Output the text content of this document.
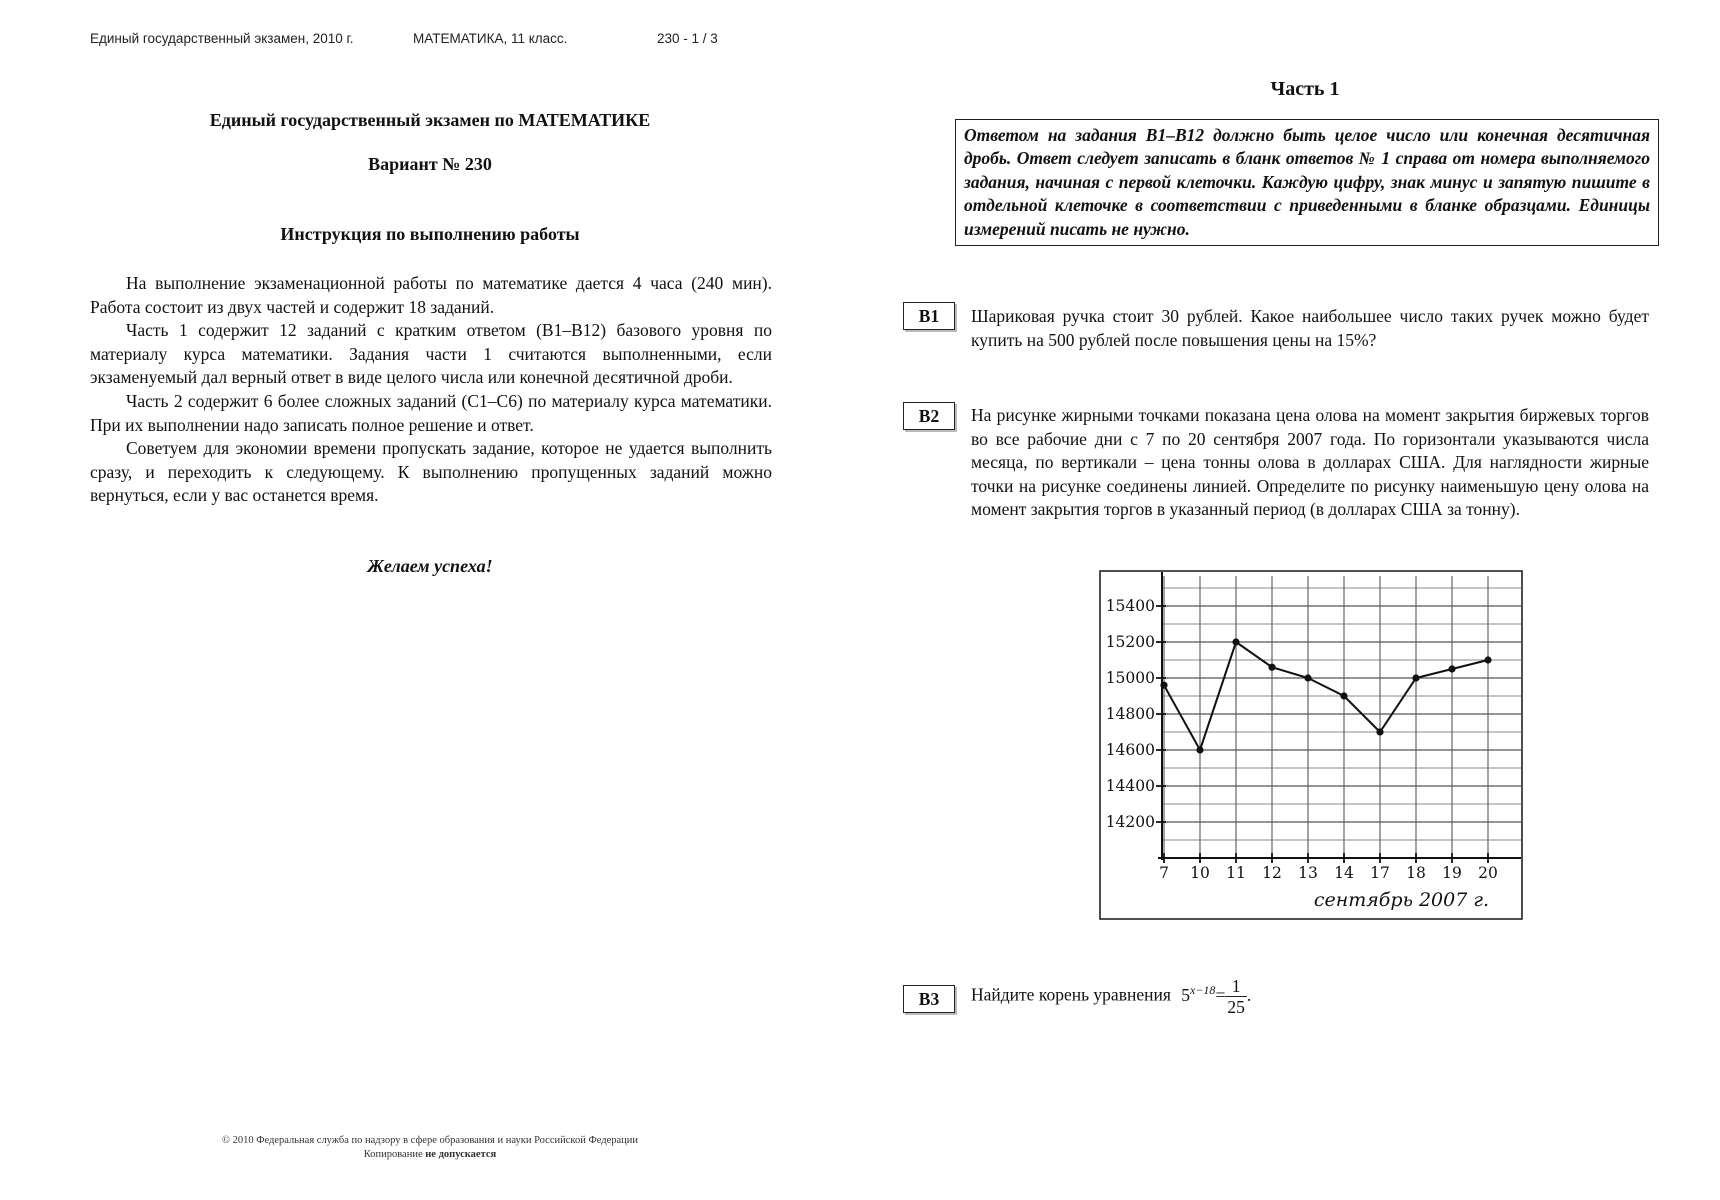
Единый государственный экзамен, 2010 г.	МАТЕМАТИКА, 11 класс.	230 - 1 / 3
Единый государственный экзамен по МАТЕМАТИКЕ
Вариант № 230
Инструкция по выполнению работы

На выполнение экзаменационной работы по математике дается 4 часа (240 мин). Работа состоит из двух частей и содержит 18 заданий.

Часть 1 содержит 12 заданий с кратким ответом (B1–B12) базового уровня по материалу курса математики. Задания части 1 считаются выполненными, если экзаменуемый дал верный ответ в виде целого числа или конечной десятичной дроби.

Часть 2 содержит 6 более сложных заданий (C1–C6) по материалу курса математики. При их выполнении надо записать полное решение и ответ.

Советуем для экономии времени пропускать задание, которое не удается выполнить сразу, и переходить к следующему. К выполнению пропущенных заданий можно вернуться, если у вас останется время.

Желаем успеха!
© 2010 Федеральная служба по надзору в сфере образования и науки Российской Федерации
Копирование не допускается
Часть 1
Ответом на задания B1–B12 должно быть целое число или конечная десятичная дробь. Ответ следует записать в бланк ответов № 1 справа от номера выполняемого задания, начиная с первой клеточки. Каждую цифру, знак минус и запятую пишите в отдельной клеточке в соответствии с приведенными в бланке образцами. Единицы измерений писать не нужно.
B1	Шариковая ручка стоит 30 рублей. Какое наибольшее число таких ручек можно будет купить на 500 рублей после повышения цены на 15%?
B2	На рисунке жирными точками показана цена олова на момент закрытия биржевых торгов во все рабочие дни с 7 по 20 сентября 2007 года. По горизонтали указываются числа месяца, по вертикали – цена тонны олова в долларах США. Для наглядности жирные точки на рисунке соединены линией. Определите по рисунку наименьшую цену олова на момент закрытия торгов в указанный период (в долларах США за тонну).
14200
14400
14600
14800
15000
15200
15400
7 10 11 12 13 14 17 18 19 20
сентябрь 2007 г.
B3	Найдите корень уравнения $5^{x-18}= \frac{1}{25}$ .
